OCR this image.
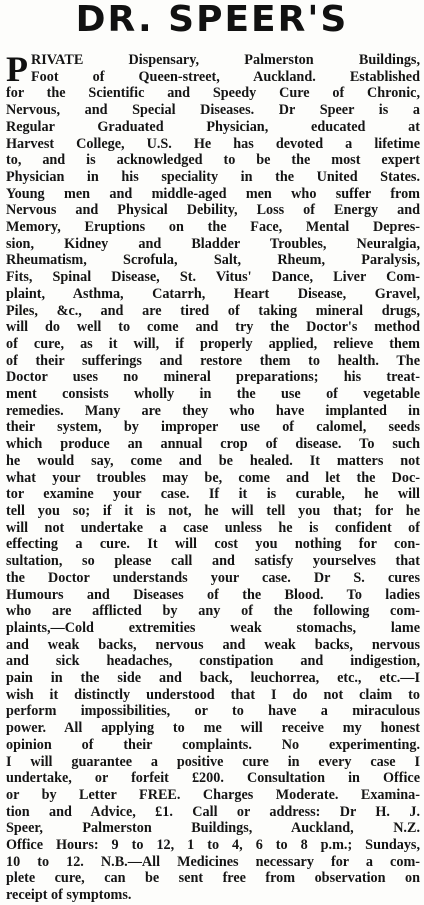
DR. SPEER'S
P RIVATE Dispensary, Palmerston Buildings,
Foot of Queen-street, Auckland. Established
for the Scientific and Speedy Cure of Chronic,
Nervous, and Special Diseases. Dr Speer is a
Regular Graduated Physician, educated at
Harvest College, U.S. He has devoted a lifetime
to, and is acknowledged to be the most expert
Physician in his speciality in the United States.
Young men and middle-aged men who suffer from
Nervous and Physical Debility, Loss of Energy and
Memory, Eruptions on the Face, Mental Depres-
sion, Kidney and Bladder Troubles, Neuralgia,
Rheumatism, Scrofula, Salt, Rheum, Paralysis,
Fits, Spinal Disease, St. Vitus' Dance, Liver Com-
plaint, Asthma, Catarrh, Heart Disease, Gravel,
Piles, &c., and are tired of taking mineral drugs,
will do well to come and try the Doctor's method
of cure, as it will, if properly applied, relieve them
of their sufferings and restore them to health. The
Doctor uses no mineral preparations; his treat-
ment consists wholly in the use of vegetable
remedies. Many are they who have implanted in
their system, by improper use of calomel, seeds
which produce an annual crop of disease. To such
he would say, come and be healed. It matters not
what your troubles may be, come and let the Doc-
tor examine your case. If it is curable, he will
tell you so; if it is not, he will tell you that; for he
will not undertake a case unless he is confident of
effecting a cure. It will cost you nothing for con-
sultation, so please call and satisfy yourselves that
the Doctor understands your case. Dr S. cures
Humours and Diseases of the Blood. To ladies
who are afflicted by any of the following com-
plaints,—Cold extremities weak stomachs, lame
and weak backs, nervous and weak backs, nervous
and sick headaches, constipation and indigestion,
pain in the side and back, leuchorrea, etc., etc.—I
wish it distinctly understood that I do not claim to
perform impossibilities, or to have a miraculous
power. All applying to me will receive my honest
opinion of their complaints. No experimenting.
I will guarantee a positive cure in every case I
undertake, or forfeit £200. Consultation in Office
or by Letter FREE. Charges Moderate. Examina-
tion and Advice, £1. Call or address: Dr H. J.
Speer, Palmerston Buildings, Auckland, N.Z.
Office Hours: 9 to 12, 1 to 4, 6 to 8 p.m.; Sundays,
10 to 12. N.B.—All Medicines necessary for a com-
plete cure, can be sent free from observation on
receipt of symptoms.
